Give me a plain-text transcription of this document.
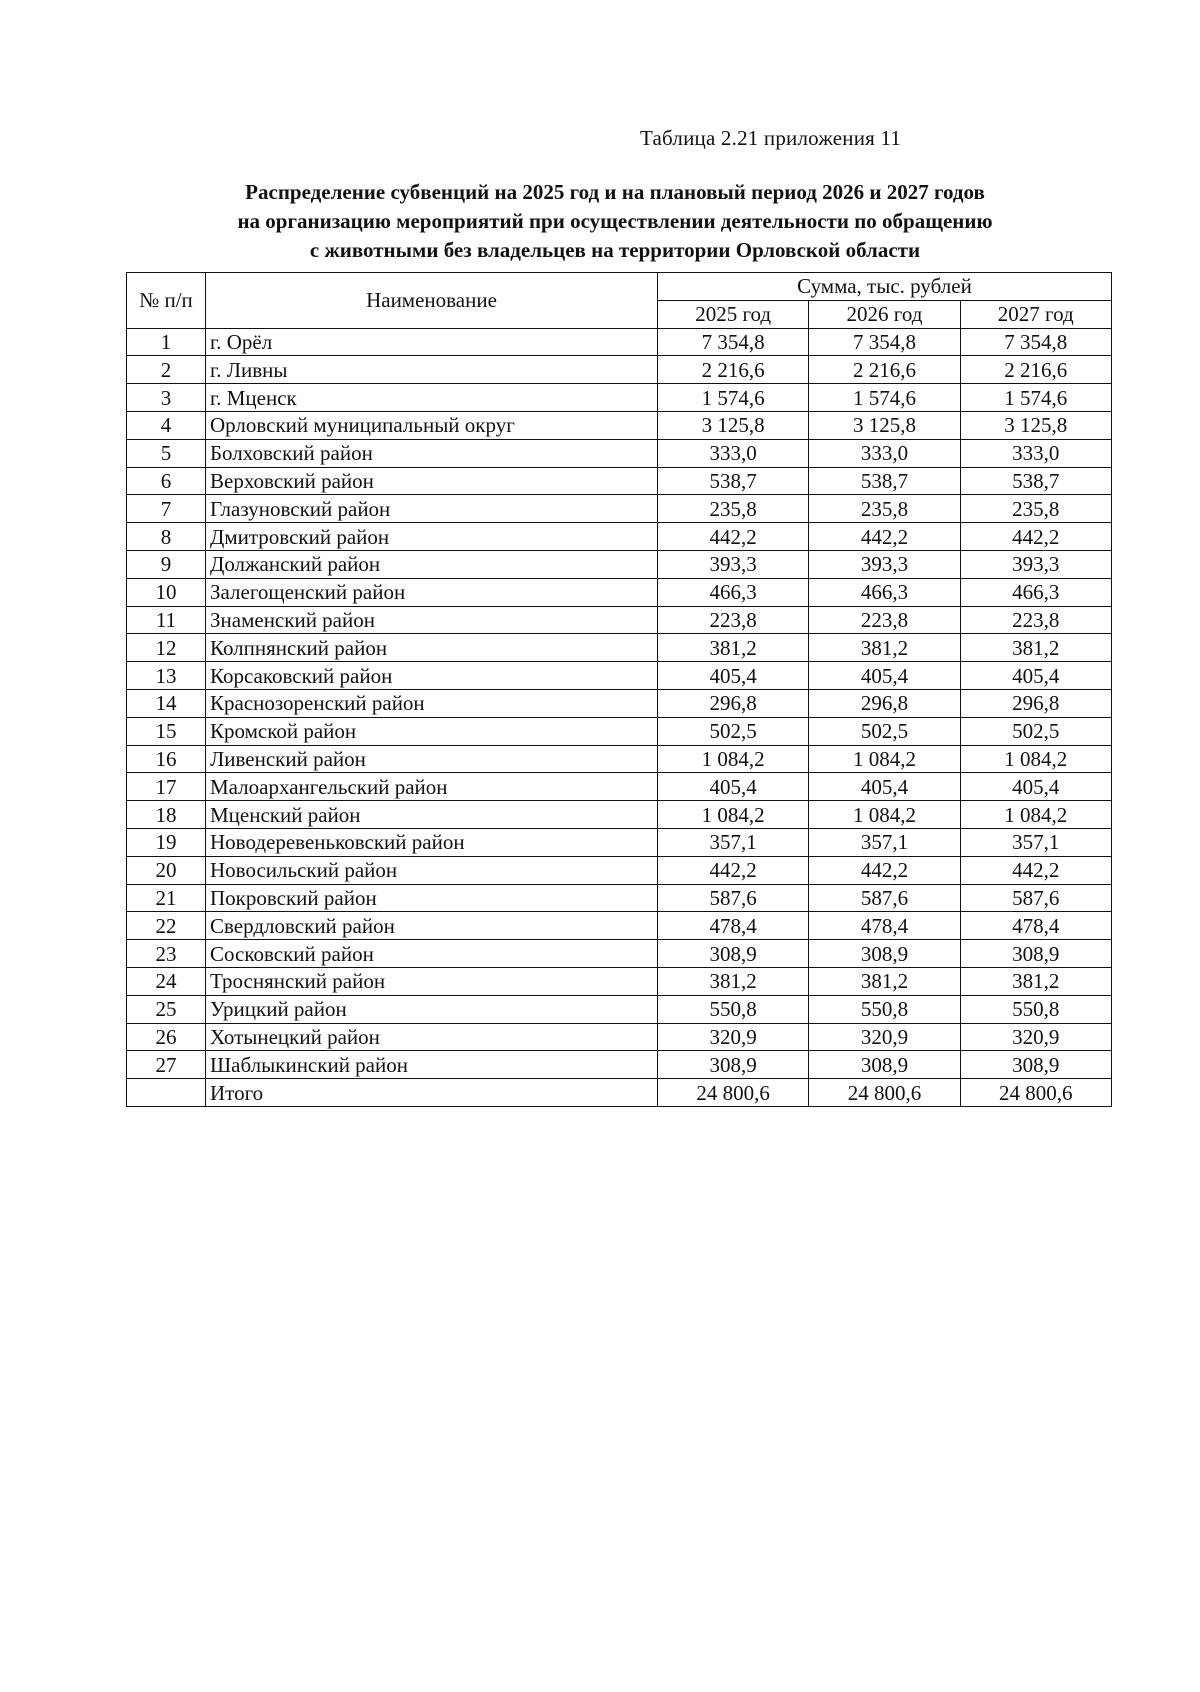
Таблица 2.21 приложения 11
Распределение субвенций на 2025 год и на плановый период 2026 и 2027 годов
на организацию мероприятий при осуществлении деятельности по обращению
с животными без владельцев на территории Орловской области
№ п/п	Наименование	Сумма, тыс. рублей		
		2025 год	2026 год	2027 год
1	г. Орёл	7 354,8	7 354,8	7 354,8
2	г. Ливны	2 216,6	2 216,6	2 216,6
3	г. Мценск	1 574,6	1 574,6	1 574,6
4	Орловский муниципальный округ	3 125,8	3 125,8	3 125,8
5	Болховский район	333,0	333,0	333,0
6	Верховский район	538,7	538,7	538,7
7	Глазуновский район	235,8	235,8	235,8
8	Дмитровский район	442,2	442,2	442,2
9	Должанский район	393,3	393,3	393,3
10	Залегощенский район	466,3	466,3	466,3
11	Знаменский район	223,8	223,8	223,8
12	Колпнянский район	381,2	381,2	381,2
13	Корсаковский район	405,4	405,4	405,4
14	Краснозоренский район	296,8	296,8	296,8
15	Кромской район	502,5	502,5	502,5
16	Ливенский район	1 084,2	1 084,2	1 084,2
17	Малоархангельский район	405,4	405,4	405,4
18	Мценский район	1 084,2	1 084,2	1 084,2
19	Новодеревеньковский район	357,1	357,1	357,1
20	Новосильский район	442,2	442,2	442,2
21	Покровский район	587,6	587,6	587,6
22	Свердловский район	478,4	478,4	478,4
23	Сосковский район	308,9	308,9	308,9
24	Троснянский район	381,2	381,2	381,2
25	Урицкий район	550,8	550,8	550,8
26	Хотынецкий район	320,9	320,9	320,9
27	Шаблыкинский район	308,9	308,9	308,9
	Итого	24 800,6	24 800,6	24 800,6
